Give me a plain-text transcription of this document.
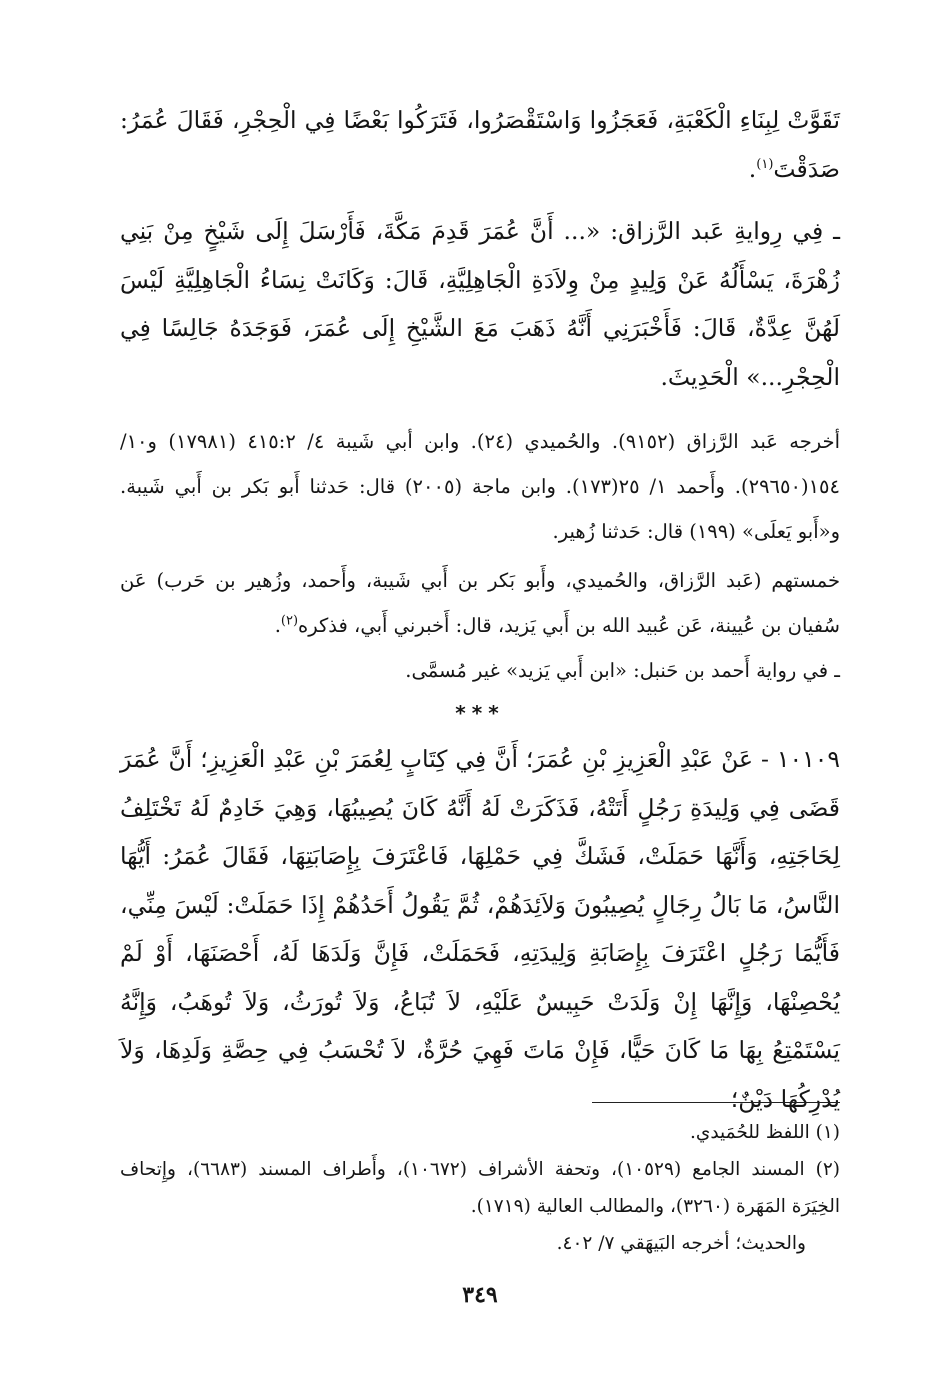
تَقَوَّتْ لِبِنَاءِ الْكَعْبَةِ، فَعَجَزُوا وَاسْتَقْصَرُوا، فَتَرَكُوا بَعْضًا فِي الْحِجْرِ، فَقَالَ عُمَرُ: صَدَقْتَ$^{(١)}$.

ـ فِي رِوايةِ عَبد الرَّزاق: «... أَنَّ عُمَرَ قَدِمَ مَكَّةَ، فَأَرْسَلَ إِلَى شَيْخٍ مِنْ بَنِي زُهْرَةَ، يَسْأَلُهُ عَنْ وَلِيدٍ مِنْ وِلاَدَةِ الْجَاهِلِيَّةِ، قَالَ: وَكَانَتْ نِسَاءُ الْجَاهِلِيَّةِ لَيْسَ لَهُنَّ عِدَّةٌ، قَالَ: فَأَخْبَرَنِي أَنَّهُ ذَهَبَ مَعَ الشَّيْخِ إِلَى عُمَرَ، فَوَجَدَهُ جَالِسًا فِي الْحِجْرِ...» الْحَدِيثَ.

أخرجه عَبد الرَّزاق (٩١٥٢). والحُميدي (٢٤). وابن أبي شَيبة ٤/ ٤١٥:٢ (١٧٩٨١) و١٠/ ١٥٤(٢٩٦٥٠). وأَحمد ١/ ٢٥(١٧٣). وابن ماجة (٢٠٠٥) قال: حَدثنا أَبو بَكر بن أَبي شَيبة. و«أَبو يَعلَى» (١٩٩) قال: حَدثنا زُهير.

خمستهم (عَبد الرَّزاق، والحُميدي، وأَبو بَكر بن أَبي شَيبة، وأَحمد، وزُهير بن حَرب) عَن سُفيان بن عُيينة، عَن عُبيد الله بن أَبي يَزيد، قال: أَخبرني أَبي، فذكره$^{(٢)}$.

ـ في رواية أَحمد بن حَنبل: «ابن أَبي يَزيد» غير مُسمَّى.

***

١٠١٠٩ - عَنْ عَبْدِ الْعَزِيزِ بْنِ عُمَرَ؛ أَنَّ فِي كِتَابٍ لِعُمَرَ بْنِ عَبْدِ الْعَزِيزِ؛ أَنَّ عُمَرَ قَضَى فِي وَلِيدَةِ رَجُلٍ أَتَتْهُ، فَذَكَرَتْ لَهُ أَنَّهُ كَانَ يُصِيبُهَا، وَهِيَ خَادِمٌ لَهُ تَخْتَلِفُ لِحَاجَتِهِ، وَأَنَّهَا حَمَلَتْ، فَشَكَّ فِي حَمْلِهَا، فَاعْتَرَفَ بِإِصَابَتِهَا، فَقَالَ عُمَرُ: أَيُّهَا النَّاسُ، مَا بَالُ رِجَالٍ يُصِيبُونَ وَلاَئِدَهُمْ، ثُمَّ يَقُولُ أَحَدُهُمْ إِذَا حَمَلَتْ: لَيْسَ مِنِّي، فَأَيُّمَا رَجُلٍ اعْتَرَفَ بِإِصَابَةِ وَلِيدَتِهِ، فَحَمَلَتْ، فَإِنَّ وَلَدَهَا لَهُ، أَحْصَنَهَا، أَوْ لَمْ يُحْصِنْهَا، وَإِنَّهَا إِنْ وَلَدَتْ حَبِيسٌ عَلَيْهِ، لاَ تُبَاعُ، وَلاَ تُورَثُ، وَلاَ تُوهَبُ، وَإِنَّهُ يَسْتَمْتِعُ بِهَا مَا كَانَ حَيًّا، فَإِنْ مَاتَ فَهِيَ حُرَّةٌ، لاَ تُحْسَبُ فِي حِصَّةِ وَلَدِهَا، وَلاَ يُدْرِكُهَا دَيْنٌ؛

(١) اللفظ للحُمَيدي.

(٢) المسند الجامع (١٠٥٢٩)، وتحفة الأشراف (١٠٦٧٢)، وأَطراف المسند (٦٦٨٣)، وإِتحاف الخِيَرَة المَهَرة (٣٢٦٠)، والمطالب العالية (١٧١٩).

والحديث؛ أخرجه البَيهَقي ٧/ ٤٠٢.

٣٤٩
